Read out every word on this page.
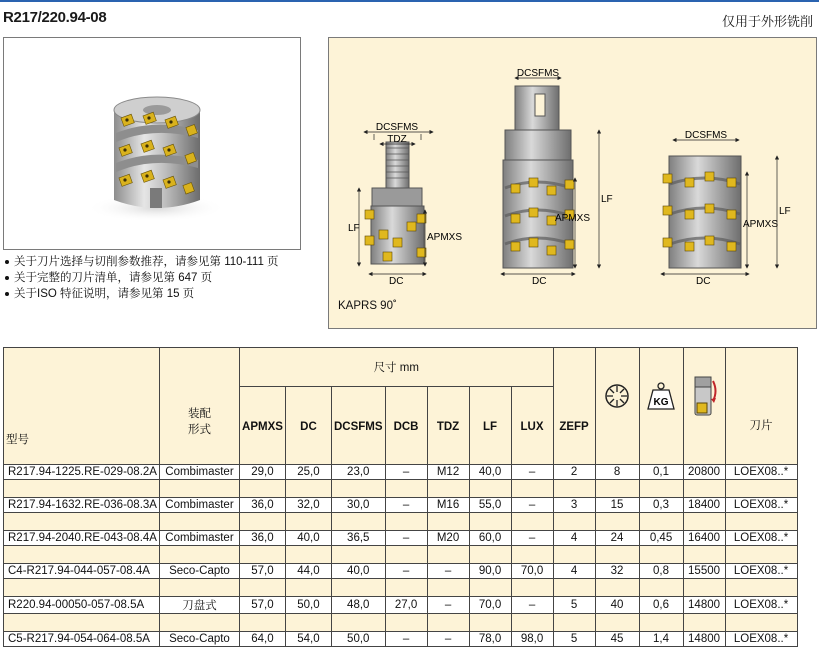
R217/220.94-08	仅用于外形铣削
关于刀片选择与切削参数推荐，请参见第 110-111 页
关于完整的刀片清单，请参见第 647 页
关于ISO 特征说明，请参见第 15 页
DCSFMS
TDZ
LF
APMXS
DC
DCSFMS
LF
APMXS
DC
DCSFMS
LF
APMXS
DC
KAPRS 90˚
型号	装配
形式	尺寸 mm							ZEFP		KG		刀片
		APMXS	DC	DCSFMS	DCB	TDZ	LF	LUX					

R217.94-1225.RE-029-08.2A	Combimaster	29,0	25,0	23,0	–	M12	40,0	–	2	8	0,1	20800	LOEX08..*

R217.94-1632.RE-036-08.3A	Combimaster	36,0	32,0	30,0	–	M16	55,0	–	3	15	0,3	18400	LOEX08..*

R217.94-2040.RE-043-08.4A	Combimaster	36,0	40,0	36,5	–	M20	60,0	–	4	24	0,45	16400	LOEX08..*

C4-R217.94-044-057-08.4A	Seco-Capto	57,0	44,0	40,0	–	–	90,0	70,0	4	32	0,8	15500	LOEX08..*

R220.94-00050-057-08.5A	刀盘式	57,0	50,0	48,0	27,0	–	70,0	–	5	40	0,6	14800	LOEX08..*

C5-R217.94-054-064-08.5A	Seco-Capto	64,0	54,0	50,0	–	–	78,0	98,0	5	45	1,4	14800	LOEX08..*
